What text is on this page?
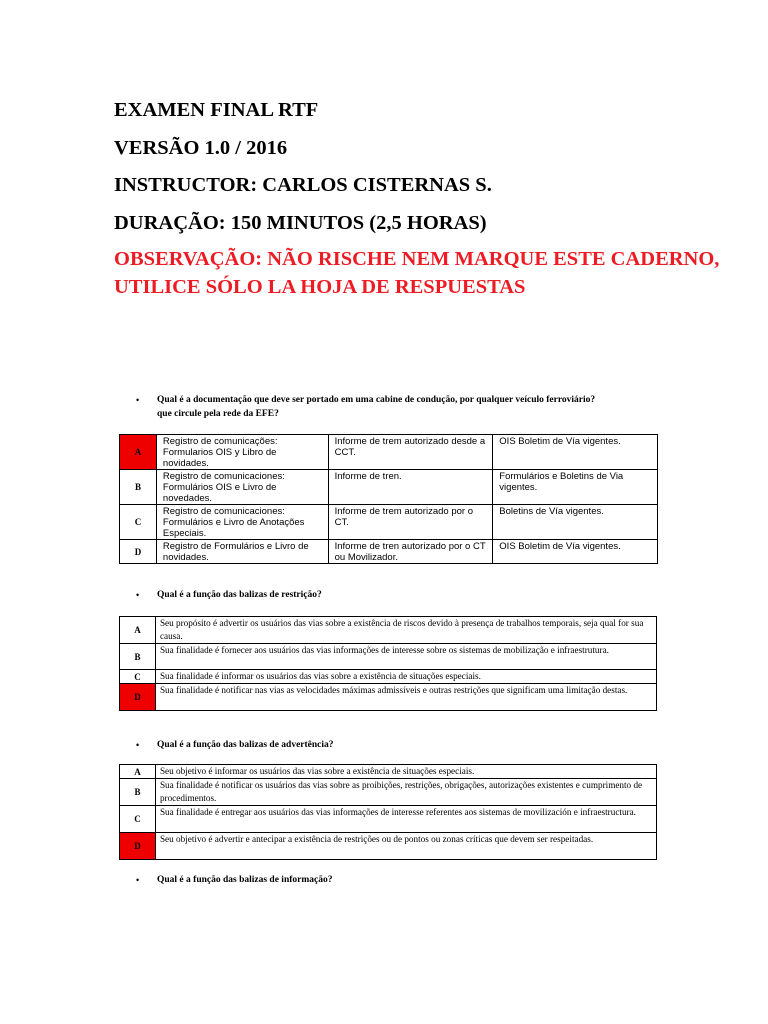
EXAMEN FINAL RTF
VERSÃO 1.0 / 2016
INSTRUCTOR: CARLOS CISTERNAS S.
DURAÇÃO: 150 MINUTOS (2,5 HORAS)
OBSERVAÇÃO: NÃO RISCHE NEM MARQUE ESTE CADERNO,
UTILICE SÓLO LA HOJA DE RESPUESTAS
• Qual é a documentação que deve ser portado em uma cabine de condução, por qualquer veículo ferroviário?
que circule pela rede da EFE?
A	Registro de comunicações: Formularios OIS y Libro de novidades.	Informe de trem autorizado desde a CCT.	OIS Boletim de Vía vigentes.
B	Registro de comunicaciones: Formulários OIS e Livro de novedades.	Informe de tren.	Formulários e Boletins de Via vigentes.
C	Registro de comunicaciones: Formulários e Livro de Anotações Especiais.	Informe de trem autorizado por o CT.	Boletins de Vía vigentes.
D	Registro de Formulários e Livro de novidades.	Informe de tren autorizado por o CT ou Movilizador.	OIS Boletim de Vía vigentes.
• Qual é a função das balizas de restrição?
A	Seu propósito é advertir os usuários das vias sobre a existência de riscos devido à presença de trabalhos temporais, seja qual for sua causa.
B	Sua finalidade é fornecer aos usuários das vias informações de interesse sobre os sistemas de mobilização e infraestrutura.
C	Sua finalidade é informar os usuários das vias sobre a existência de situações especiais.
D	Sua finalidade é notificar nas vias as velocidades máximas admissíveis e outras restrições que significam uma limitação destas.
• Qual é a função das balizas de advertência?
A	Seu objetivo é informar os usuários das vias sobre a existência de situações especiais.
B	Sua finalidade é notificar os usuários das vias sobre as proibições, restrições, obrigações, autorizações existentes e cumprimento de procedimentos.
C	Sua finalidade é entregar aos usuários das vias informações de interesse referentes aos sistemas de movilización e infraestructura.
D	Seu objetivo é advertir e antecipar a existência de restrições ou de pontos ou zonas críticas que devem ser respeitadas.
• Qual é a função das balizas de informação?
